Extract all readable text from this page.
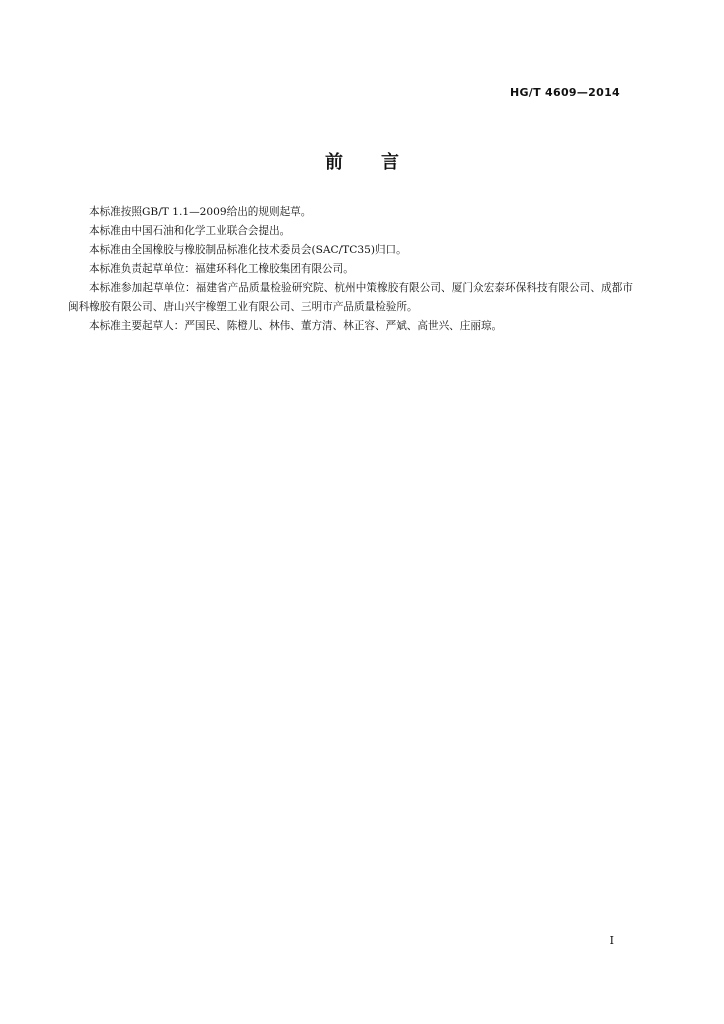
HG/T 4609—2014
前言

本标准按照GB/T 1.1—2009给出的规则起草。

本标准由中国石油和化学工业联合会提出。

本标准由全国橡胶与橡胶制品标准化技术委员会(SAC/TC35)归口。

本标准负责起草单位：福建环科化工橡胶集团有限公司。

本标准参加起草单位：福建省产品质量检验研究院、杭州中策橡胶有限公司、厦门众宏泰环保科技有限公司、成都市闽科橡胶有限公司、唐山兴宇橡塑工业有限公司、三明市产品质量检验所。

本标准主要起草人：严国民、陈橙儿、林伟、董方清、林正容、严斌、高世兴、庄丽琼。

I
